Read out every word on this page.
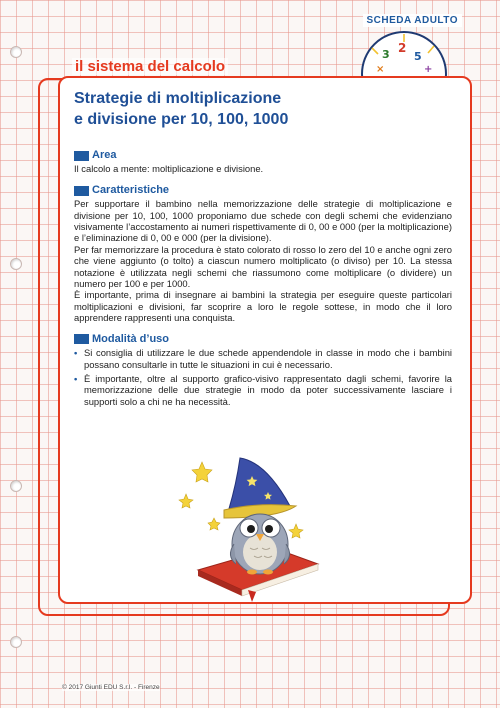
SCHEDA ADULTO
il sistema del calcolo
3 2
5
+
×
Strategie di moltiplicazione
e divisione per 10, 100, 1000
Area

Il calcolo a mente: moltiplicazione e divisione.

Caratteristiche

Per supportare il bambino nella memorizzazione delle strategie di moltiplicazione e divisione per 10, 100, 1000 proponiamo due schede con degli schemi che evidenziano visivamente l’accostamento ai numeri rispettivamente di 0, 00 e 000 (per la moltiplicazione) e l’eliminazione di 0, 00 e 000 (per la divisione).

Per far memorizzare la procedura è stato colorato di rosso lo zero del 10 e anche ogni zero che viene aggiunto (o tolto) a ciascun numero moltiplicato (o diviso) per 10. La stessa notazione è utilizzata negli schemi che riassumono come moltiplicare (o dividere) un numero per 100 e per 1000.

È importante, prima di insegnare ai bambini la strategia per eseguire queste particolari moltiplicazioni e divisioni, far scoprire a loro le regole sottese, in modo che il loro apprendere rappresenti una conquista.

Modalità d’uso
• Si consiglia di utilizzare le due schede appendendole in classe in modo che i bambini possano consultarle in tutte le situazioni in cui è necessario.
• È importante, oltre al supporto grafico-visivo rappresentato dagli schemi, favorire la memorizzazione delle due strategie in modo da poter successivamente lasciare i supporti solo a chi ne ha necessità.
© 2017 Giunti EDU S.r.l. - Firenze
